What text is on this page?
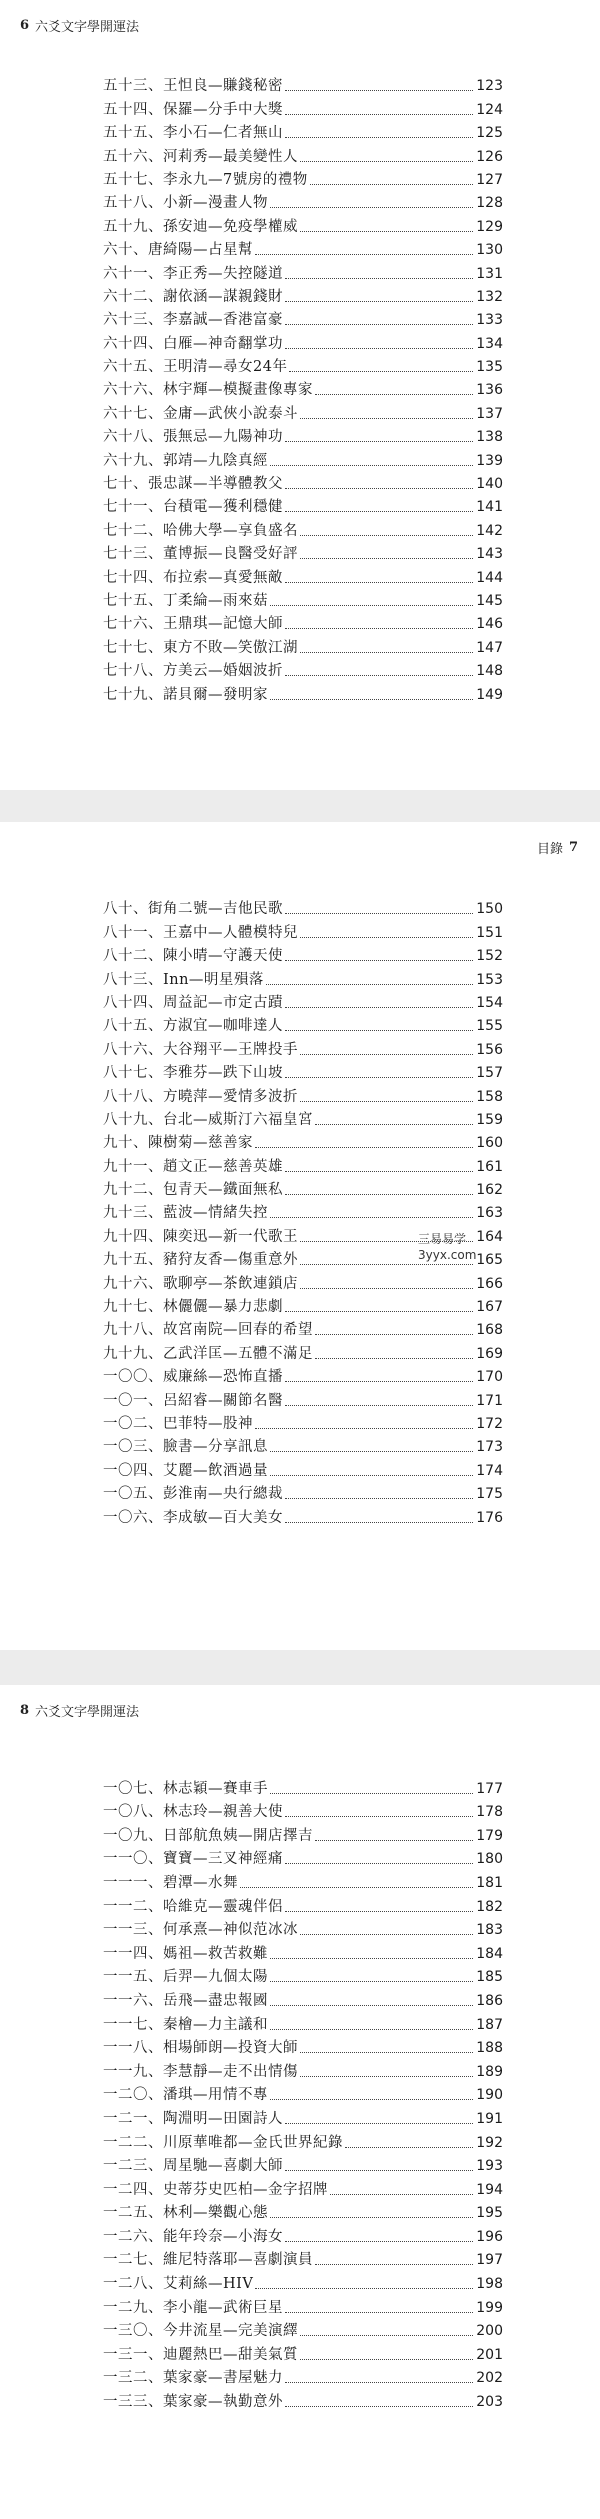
6 六爻文字學開運法
五十三、王怛良—賺錢秘密	123
五十四、保羅—分手中大獎	124
五十五、李小石—仁者無山	125
五十六、河莉秀—最美變性人	126
五十七、李永九—7號房的禮物	127
五十八、小新—漫畫人物	128
五十九、孫安迪—免疫學權威	129
六十、唐綺陽—占星幫	130
六十一、李正秀—失控隧道	131
六十二、謝依涵—謀親錢財	132
六十三、李嘉誠—香港富豪	133
六十四、白雁—神奇翻掌功	134
六十五、王明清—尋女24年	135
六十六、林宇輝—模擬畫像專家	136
六十七、金庸—武俠小說泰斗	137
六十八、張無忌—九陽神功	138
六十九、郭靖—九陰真經	139
七十、張忠謀—半導體教父	140
七十一、台積電—獲利穩健	141
七十二、哈佛大學—享負盛名	142
七十三、董博振—良醫受好評	143
七十四、布拉索—真愛無敵	144
七十五、丁柔綸—雨來菇	145
七十六、王鼎琪—記憶大師	146
七十七、東方不敗—笑傲江湖	147
七十八、方美云—婚姻波折	148
七十九、諾貝爾—發明家	149
目錄 7
八十、街角二號—吉他民歌	150
八十一、王嘉中—人體模特兒	151
八十二、陳小晴—守護天使	152
八十三、Inn—明星殞落	153
八十四、周益記—市定古蹟	154
八十五、方淑宜—咖啡達人	155
八十六、大谷翔平—王牌投手	156
八十七、李雅芬—跌下山坡	157
八十八、方曉萍—愛情多波折	158
八十九、台北—威斯汀六福皇宮	159
九十、陳樹菊—慈善家	160
九十一、趙文正—慈善英雄	161
九十二、包青天—鐵面無私	162
九十三、藍波—情緒失控	163
九十四、陳奕迅—新一代歌王	164
九十五、豬狩友香—傷重意外	165
九十六、歌聊亭—茶飲連鎖店	166
九十七、林儷儷—暴力悲劇	167
九十八、故宮南院—回春的希望	168
九十九、乙武洋匡—五體不滿足	169
一〇〇、威廉絲—恐怖直播	170
一〇一、呂紹睿—關節名醫	171
一〇二、巴菲特—股神	172
一〇三、臉書—分享訊息	173
一〇四、艾麗—飲酒過量	174
一〇五、彭淮南—央行總裁	175
一〇六、李成敏—百大美女	176
三易易学
3yyx.com
8 六爻文字學開運法
一〇七、林志穎—賽車手	177
一〇八、林志玲—親善大使	178
一〇九、日部航魚姨—開店擇吉	179
一一〇、寶寶—三叉神經痛	180
一一一、碧潭—水舞	181
一一二、哈維克—靈魂伴侶	182
一一三、何承熹—神似范冰冰	183
一一四、媽祖—救苦救難	184
一一五、后羿—九個太陽	185
一一六、岳飛—盡忠報國	186
一一七、秦檜—力主議和	187
一一八、相場師朗—投資大師	188
一一九、李慧靜—走不出情傷	189
一二〇、潘琪—用情不專	190
一二一、陶淵明—田園詩人	191
一二二、川原華唯都—金氏世界紀錄	192
一二三、周星馳—喜劇大師	193
一二四、史蒂芬史匹柏—金字招牌	194
一二五、林利—樂觀心態	195
一二六、能年玲奈—小海女	196
一二七、維尼特落耶—喜劇演員	197
一二八、艾莉絲—HIV	198
一二九、李小龍—武術巨星	199
一三〇、今井流星—完美演繹	200
一三一、迪麗熱巴—甜美氣質	201
一三二、葉家豪—書屋魅力	202
一三三、葉家豪—執勤意外	203
